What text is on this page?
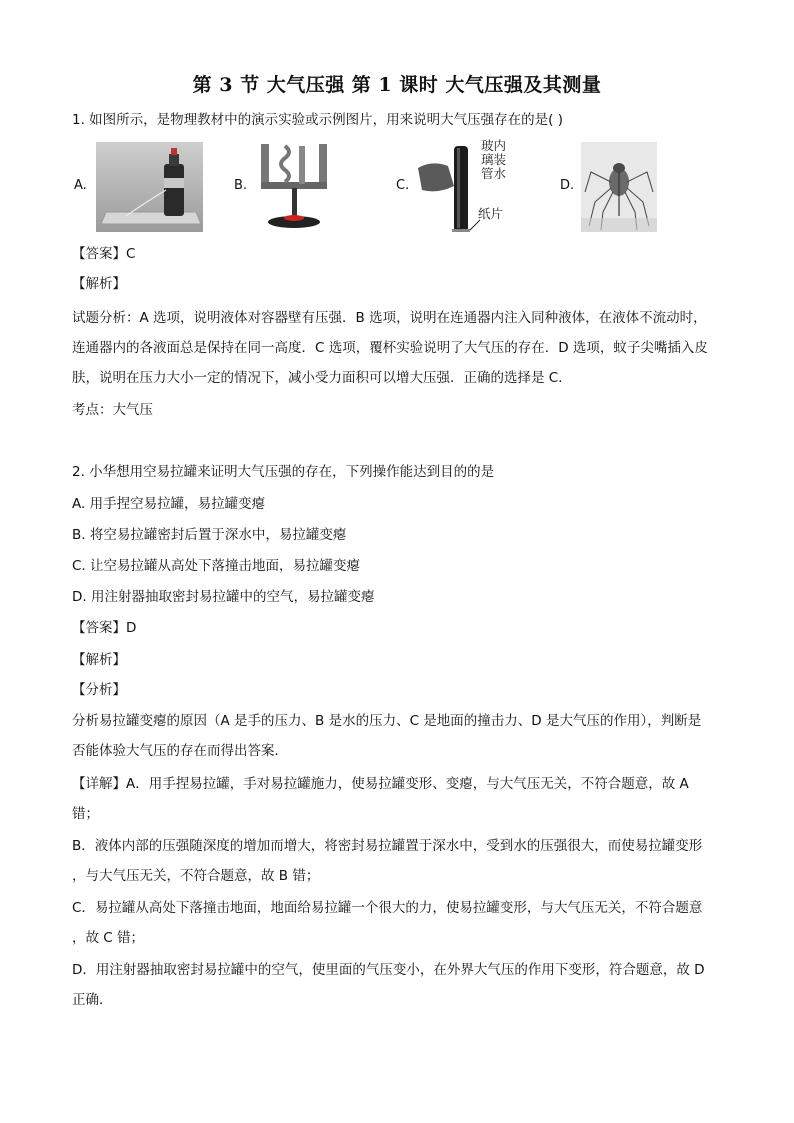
第 3 节 大气压强 第 1 课时 大气压强及其测量
1. 如图所示，是物理教材中的演示实验或示例图片，用来说明大气压强存在的是( )
A.	B.	C.
玻内
璃装
管水
纸片
D.
【答案】C
【解析】
试题分析：A 选项，说明液体对容器壁有压强．B 选项，说明在连通器内注入同种液体，在液体不流动时，
连通器内的各液面总是保持在同一高度．C 选项，覆杯实验说明了大气压的存在．D 选项，蚊子尖嘴插入皮
肤，说明在压力大小一定的情况下，减小受力面积可以增大压强．正确的选择是 C．
考点：大气压
2. 小华想用空易拉罐来证明大气压强的存在，下列操作能达到目的的是
A. 用手捏空易拉罐，易拉罐变瘪
B. 将空易拉罐密封后置于深水中，易拉罐变瘪
C. 让空易拉罐从高处下落撞击地面，易拉罐变瘪
D. 用注射器抽取密封易拉罐中的空气，易拉罐变瘪
【答案】D
【解析】
【分析】
分析易拉罐变瘪的原因（A 是手的压力、B 是水的压力、C 是地面的撞击力、D 是大气压的作用），判断是
否能体验大气压的存在而得出答案．
【详解】A．用手捏易拉罐，手对易拉罐施力，使易拉罐变形、变瘪，与大气压无关，不符合题意，故 A
错；
B．液体内部的压强随深度的增加而增大，将密封易拉罐置于深水中，受到水的压强很大，而使易拉罐变形
，与大气压无关，不符合题意，故 B 错；
C．易拉罐从高处下落撞击地面，地面给易拉罐一个很大的力，使易拉罐变形，与大气压无关，不符合题意
，故 C 错；
D．用注射器抽取密封易拉罐中的空气，使里面的气压变小，在外界大气压的作用下变形，符合题意，故 D
正确．
